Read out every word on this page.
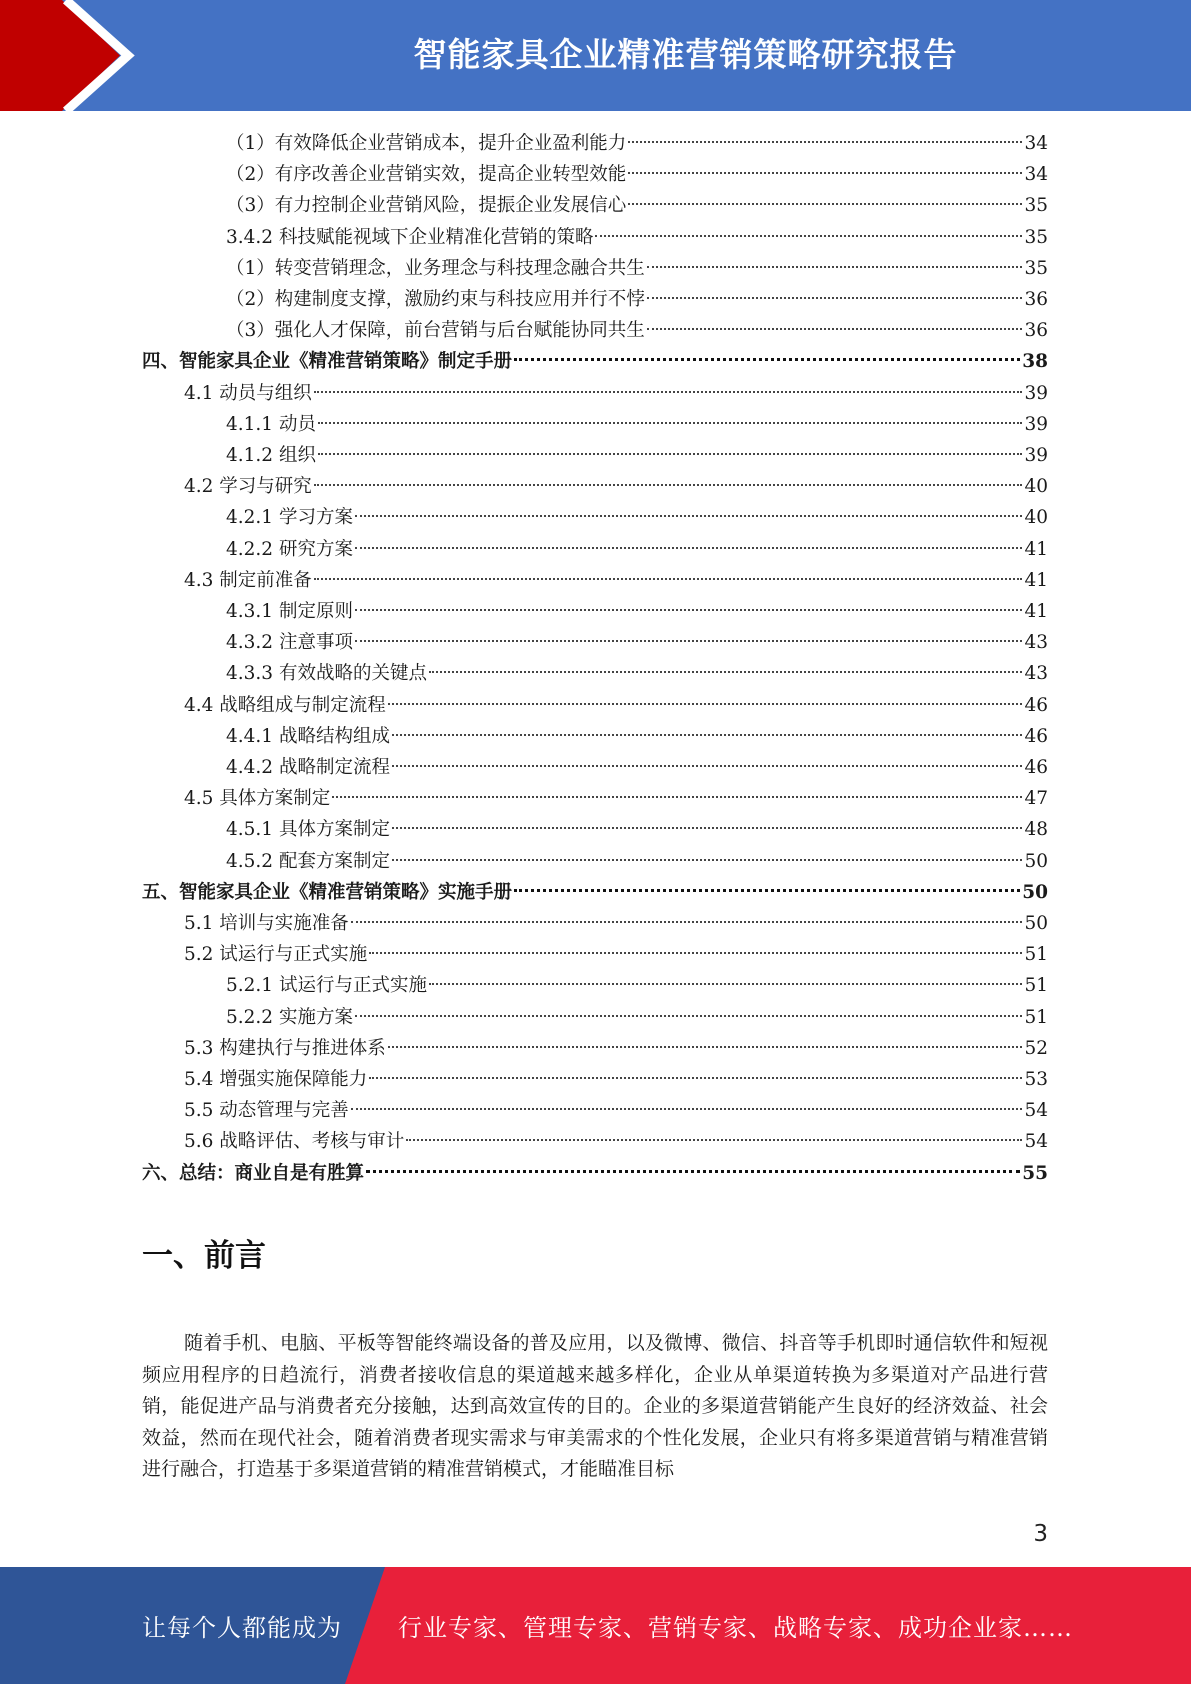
智能家具企业精准营销策略研究报告
（1）有效降低企业营销成本，提升企业盈利能力	34
（2）有序改善企业营销实效，提高企业转型效能	34
（3）有力控制企业营销风险，提振企业发展信心	35
3.4.2 科技赋能视域下企业精准化营销的策略	35
（1）转变营销理念，业务理念与科技理念融合共生	35
（2）构建制度支撑，激励约束与科技应用并行不悖	36
（3）强化人才保障，前台营销与后台赋能协同共生	36
四、智能家具企业《精准营销策略》制定手册	38
4.1 动员与组织	39
4.1.1 动员	39
4.1.2 组织	39
4.2 学习与研究	40
4.2.1 学习方案	40
4.2.2 研究方案	41
4.3 制定前准备	41
4.3.1 制定原则	41
4.3.2 注意事项	43
4.3.3 有效战略的关键点	43
4.4 战略组成与制定流程	46
4.4.1 战略结构组成	46
4.4.2 战略制定流程	46
4.5 具体方案制定	47
4.5.1 具体方案制定	48
4.5.2 配套方案制定	50
五、智能家具企业《精准营销策略》实施手册	50
5.1 培训与实施准备	50
5.2 试运行与正式实施	51
5.2.1 试运行与正式实施	51
5.2.2 实施方案	51
5.3 构建执行与推进体系	52
5.4 增强实施保障能力	53
5.5 动态管理与完善	54
5.6 战略评估、考核与审计	54
六、总结：商业自是有胜算	55
一、前言
随着手机、电脑、平板等智能终端设备的普及应用，以及微博、微信、抖音等手机即时通信软件和短视频应用程序的日趋流行，消费者接收信息的渠道越来越多样化，企业从单渠道转换为多渠道对产品进行营销，能促进产品与消费者充分接触，达到高效宣传的目的。企业的多渠道营销能产生良好的经济效益、社会效益，然而在现代社会，随着消费者现实需求与审美需求的个性化发展，企业只有将多渠道营销与精准营销进行融合，打造基于多渠道营销的精准营销模式，才能瞄准目标
3
让每个人都能成为 行业专家、管理专家、营销专家、战略专家、成功企业家……
